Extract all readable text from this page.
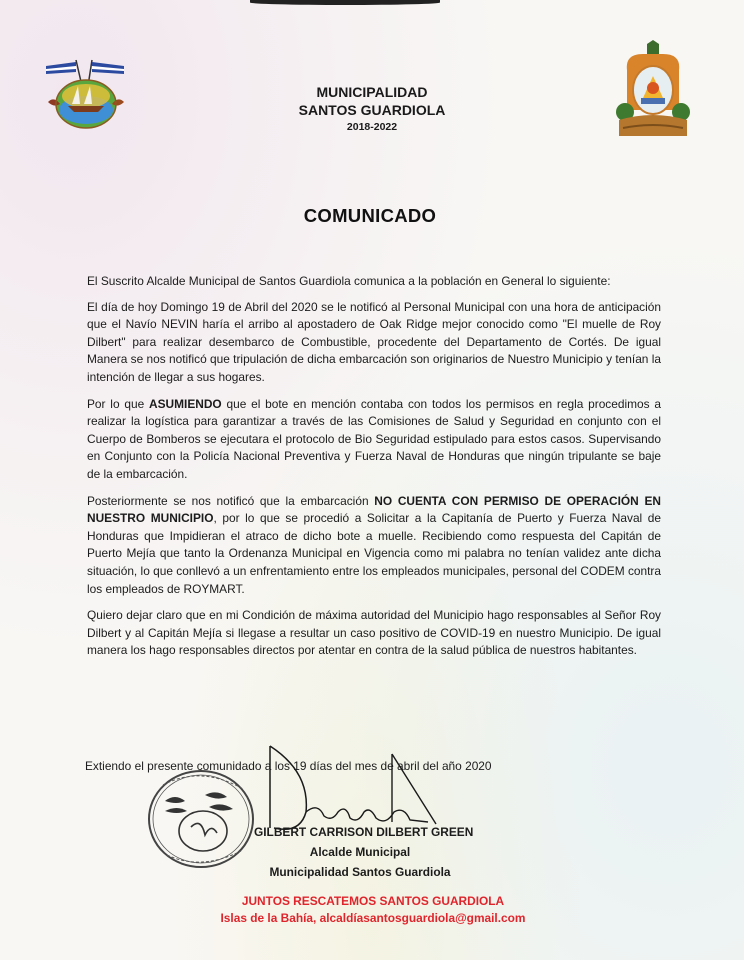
MUNICIPALIDAD
SANTOS GUARDIOLA
2018-2022
COMUNICADO

El Suscrito Alcalde Municipal de Santos Guardiola comunica a la población en General lo siguiente:

El día de hoy Domingo 19 de Abril del 2020 se le notificó al Personal Municipal con una hora de anticipación que el Navío NEVIN haría el arribo al apostadero de Oak Ridge mejor conocido como "El muelle de Roy Dilbert" para realizar desembarco de Combustible, procedente del Departamento de Cortés. De igual Manera se nos notificó que tripulación de dicha embarcación son originarios de Nuestro Municipio y tenían la intención de llegar a sus hogares.

Por lo que ASUMIENDO que el bote en mención contaba con todos los permisos en regla procedimos a realizar la logística para garantizar a través de las Comisiones de Salud y Seguridad en conjunto con el Cuerpo de Bomberos se ejecutara el protocolo de Bio Seguridad estipulado para estos casos. Supervisando en Conjunto con la Policía Nacional Preventiva y Fuerza Naval de Honduras que ningún tripulante se baje de la embarcación.

Posteriormente se nos notificó que la embarcación NO CUENTA CON PERMISO DE OPERACIÓN EN NUESTRO MUNICIPIO, por lo que se procedió a Solicitar a la Capitanía de Puerto y Fuerza Naval de Honduras que Impidieran el atraco de dicho bote a muelle. Recibiendo como respuesta del Capitán de Puerto Mejía que tanto la Ordenanza Municipal en Vigencia como mi palabra no tenían validez ante dicha situación, lo que conllevó a un enfrentamiento entre los empleados municipales, personal del CODEM contra los empleados de ROYMART.

Quiero dejar claro que en mi Condición de máxima autoridad del Municipio hago responsables al Señor Roy Dilbert y al Capitán Mejía si llegase a resultar un caso positivo de COVID-19 en nuestro Municipio. De igual manera los hago responsables directos por atentar en contra de la salud pública de nuestros habitantes.

Extiendo el presente comunidado a los 19 días del mes de abril del año 2020
GILBERT CARRISON DILBERT GREEN
Alcalde Municipal
Municipalidad Santos Guardiola
JUNTOS RESCATEMOS SANTOS GUARDIOLA
Islas de la Bahía, alcaldíasantosguardiola@gmail.com
